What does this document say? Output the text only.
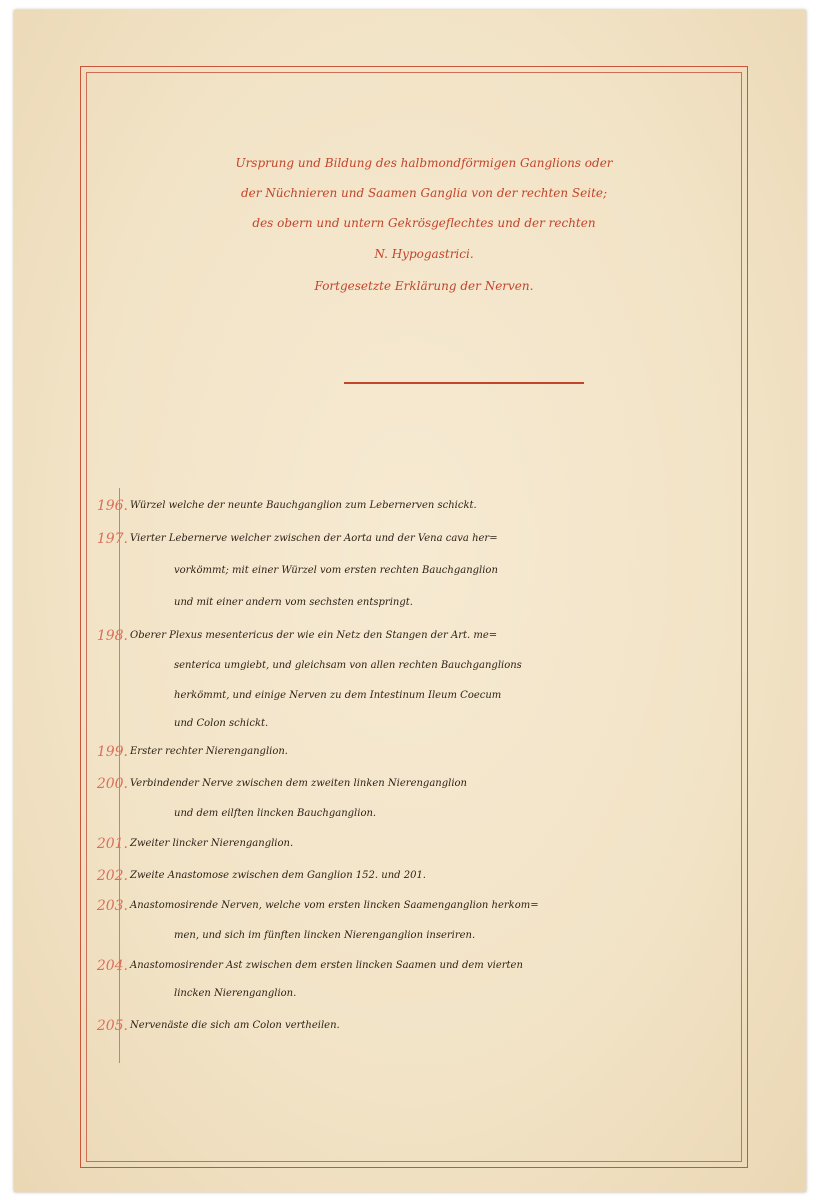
Ursprung und Bildung des halbmondförmigen Ganglions oder
der Nüchnieren und Saamen Ganglia von der rechten Seite;
des obern und untern Gekrösgeflechtes und der rechten
N. Hypogastrici.
Fortgesetzte Erklärung der Nerven.
196. Würzel welche der neunte Bauchganglion zum Lebernerven schickt.
197. Vierter Lebernerve welcher zwischen der Aorta und der Vena cava her=
vorkömmt; mit einer Würzel vom ersten rechten Bauchganglion
und mit einer andern vom sechsten entspringt.
198. Oberer Plexus mesentericus der wie ein Netz den Stangen der Art. me=
senterica umgiebt, und gleichsam von allen rechten Bauchganglions
herkömmt, und einige Nerven zu dem Intestinum Ileum Coecum
und Colon schickt.
199. Erster rechter Nierenganglion.
200. Verbindender Nerve zwischen dem zweiten linken Nierenganglion
und dem eilften lincken Bauchganglion.
201. Zweiter lincker Nierenganglion.
202. Zweite Anastomose zwischen dem Ganglion 152. und 201.
203. Anastomosirende Nerven, welche vom ersten lincken Saamenganglion herkom=
men, und sich im fünften lincken Nierenganglion inseriren.
204. Anastomosirender Ast zwischen dem ersten lincken Saamen und dem vierten
lincken Nierenganglion.
205. Nervenäste die sich am Colon vertheilen.
